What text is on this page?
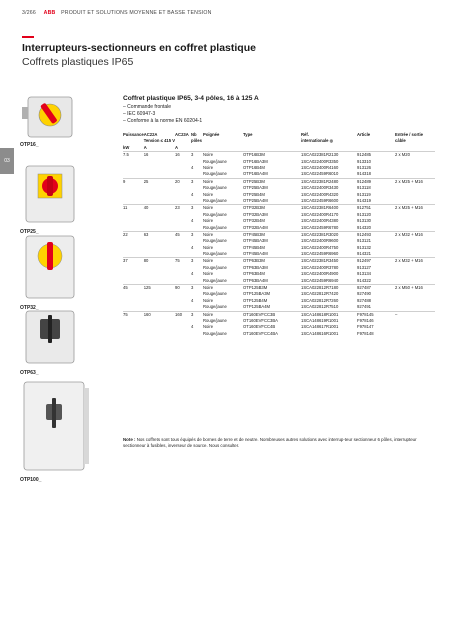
3/266 ABB PRODUIT ET SOLUTIONS MOYENNE ET BASSE TENSION
Interrupteurs-sectionneurs en coffret plastique
Coffrets plastiques IP65
03
OTP16_
OTP25_
OTP32_
OTP63_
OTP100_
Coffret plastique IP65, 3-4 pôles, 16 à 125 A
– Commande frontale
– IEC 60947-3
– Conforme à la norme EN 60204-1
Puissance	AC22A	AC23A	Nb	Poignée	Type	Réf.	Article	Entrée / sortie
	Tension ≤ 415 V		pôles			internationale ◎		câble
kW	A	A						
7.5	16	16	3	Noire	OTP16B3M	1SCA022381R2130	912485	2 x M20
				Rouge/jaune	OTP16BA3M	1SCA022400R3350	913310	
			4	Noire	OTP16B4M	1SCA022400R4160	913126	
				Rouge/jaune	OTP16BA4M	1SCA022459R6010	914318	
9	25	20	3	Noire	OTP25B3M	1SCA022381R2480	912489	2 x M25 + M16
				Rouge/jaune	OTP25BA3M	1SCA022400R3430	913118	
			4	Noire	OTP25B4M	1SCA022400R4320	913119	
				Rouge/jaune	OTP25BA4M	1SCA022459R6600	914319	
11	40	23	3	Noire	OTP32B3M	1SCA022381R6400	912751	2 x M25 + M16
				Rouge/jaune	OTP32BA3M	1SCA022400R4170	913120	
			4	Noire	OTP32B4M	1SCA022400R4380	913130	
				Rouge/jaune	OTP32BA4M	1SCA022459R6780	914320	
22	63	45	3	Noire	OTP45B3M	1SCA022381R3020	912493	2 x M32 + M16
				Rouge/jaune	OTP45BA3M	1SCA022400R9600	913121	
			4	Noire	OTP45B4M	1SCA022400R4750	913132	
				Rouge/jaune	OTP45BA4M	1SCA022459R6960	914321	
37	80	75	3	Noire	OTP63B3M	1SCA022381R3450	912497	2 x M32 + M16
				Rouge/jaune	OTP63BA3M	1SCA022400R3780	913127	
			4	Noire	OTP63B4M	1SCA022400R4900	913134	
				Rouge/jaune	OTP63BA4M	1SCA022459R6940	914322	
45	125	90	3	Noire	OTP125B3M	1SCA022812R7180	927487	2 x M50 + M16
				Rouge/jaune	OTP125BA3M	1SCA022812R7420	927490	
			4	Noire	OTP125B4M	1SCA022812R7260	927488	
				Rouge/jaune	OTP125BA4M	1SCA022812R7510	927491	
75	160	160	3	Noire	OT160EVFCC3B	1SCA148618R1001	F978145	–
				Rouge/jaune	OT160EVFCC3BA	1SCA148619R1001	F978146	
			4	Noire	OT160EVFCC4B	1SCA148617R1001	F978147	
				Rouge/jaune	OT160EVFCC4BA	1SCA148616R1001	F978148	
Note : Nos coffrets sont tous équipés de bornes de terre et de neutre. Nombreuses autres solutions avec interrup-teur sectionneur 6 pôles, interrupteur sectionneur à fusibles, inverseur de source. Nous consulter.
